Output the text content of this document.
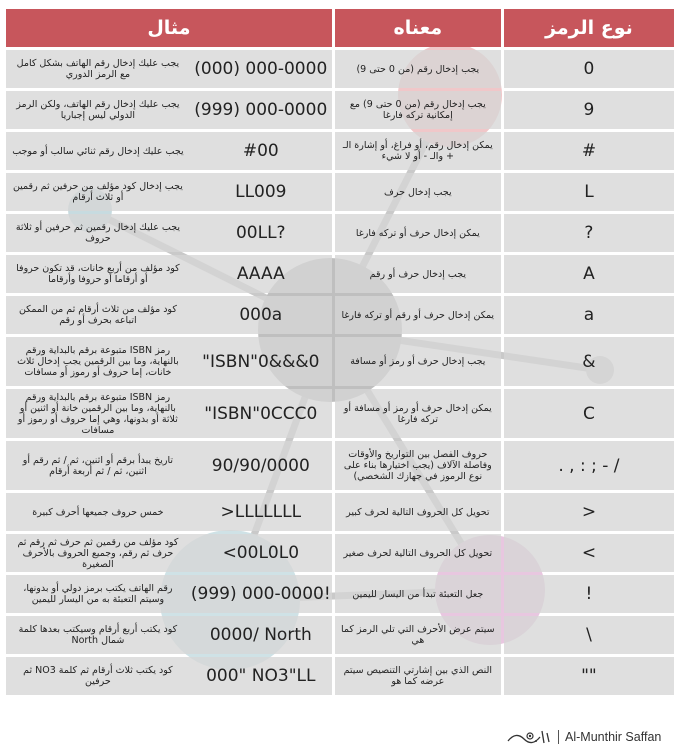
مثال			معناه		نوع الرمز
يجب عليك إدخال رقم الهاتف بشكل كامل مع الرمز الدوري	(000) 000-0000		يجب إدخال رقم (من 0 حتى 9)		0
يجب عليك إدخال رقم الهاتف، ولكن الرمز الدولي ليس إجباريا	(999) 000-0000		يجب إدخال رقم (من 0 حتى 9) مع إمكانية تركه فارغا		9
يجب عليك إدخال رقم ثنائي سالب أو موجب	#00		يمكن إدخال رقم، أو فراغ، أو إشارة الـ + والـ - أو لا شيء		#
يجب إدخال كود مؤلف من حرفين ثم رقمين أو ثلاث أرقام	LL009		يجب إدخال حرف		L
يجب عليك إدخال رقمين ثم حرفين أو ثلاثة حروف	00LL?		يمكن إدخال حرف أو تركه فارغا		?
كود مؤلف من أربع خانات، قد تكون حروفا أو أرقاما أو حروفا وأرقاما	AAAA		يجب إدخال حرف أو رقم		A
كود مؤلف من ثلاث أرقام ثم من الممكن اتباعه بحرف أو رقم	000a		يمكن إدخال حرف أو رقم أو تركه فارغا		a
رمز ISBN متبوعة برقم بالبداية ورقم بالنهاية، وما بين الرقمين يجب إدخال ثلاث خانات، إما حروف أو رموز أو مسافات	"ISBN"0&&&0		يجب إدخال حرف أو رمز أو مسافة		&
رمز ISBN متبوعة برقم بالبداية ورقم بالنهاية، وما بين الرقمين خانة أو اثنين أو ثلاثة أو بدونها، وهي إما حروف أو رموز أو مسافات	"ISBN"0CCC0		يمكن إدخال حرف أو رمز أو مسافة أو تركه فارغا		C
تاريخ يبدأ برقم أو اثنين، ثم / ثم رقم أو اثنين، ثم / ثم أربعة أرقام	90/90/0000		حروف الفصل بين التواريخ والأوقات وفاصلة الآلاف (يجب اختيارها بناء على نوع الرموز في جهازك الشخصي)		. , : ; - /
خمس حروف جميعها أحرف كبيرة	>LLLLLLL		تحويل كل الحروف التالية لحرف كبير		>
كود مؤلف من رقمين ثم حرف ثم رقم ثم حرف ثم رقم، وجميع الحروف بالأحرف الصغيرة	<00L0L0		تحويل كل الحروف التالية لحرف صغير		<
رقم الهاتف يكتب برمز دولي أو بدونها، وسيتم التعبئة به من اليسار لليمين	(999) 000-0000!		جعل التعبئة تبدأ من اليسار لليمين		!
كود يكتب أربع أرقام وسيكتب بعدها كلمة شمال North	0000/ North		سيتم عرض الأحرف التي تلي الرمز كما هي		\
كود يكتب ثلاث أرقام ثم كلمة NO3 ثم حرفين	000" NO3"LL		النص الذي بين إشارتي التنصيص سيتم عرضه كما هو		""
Al-Munthir Saffan
